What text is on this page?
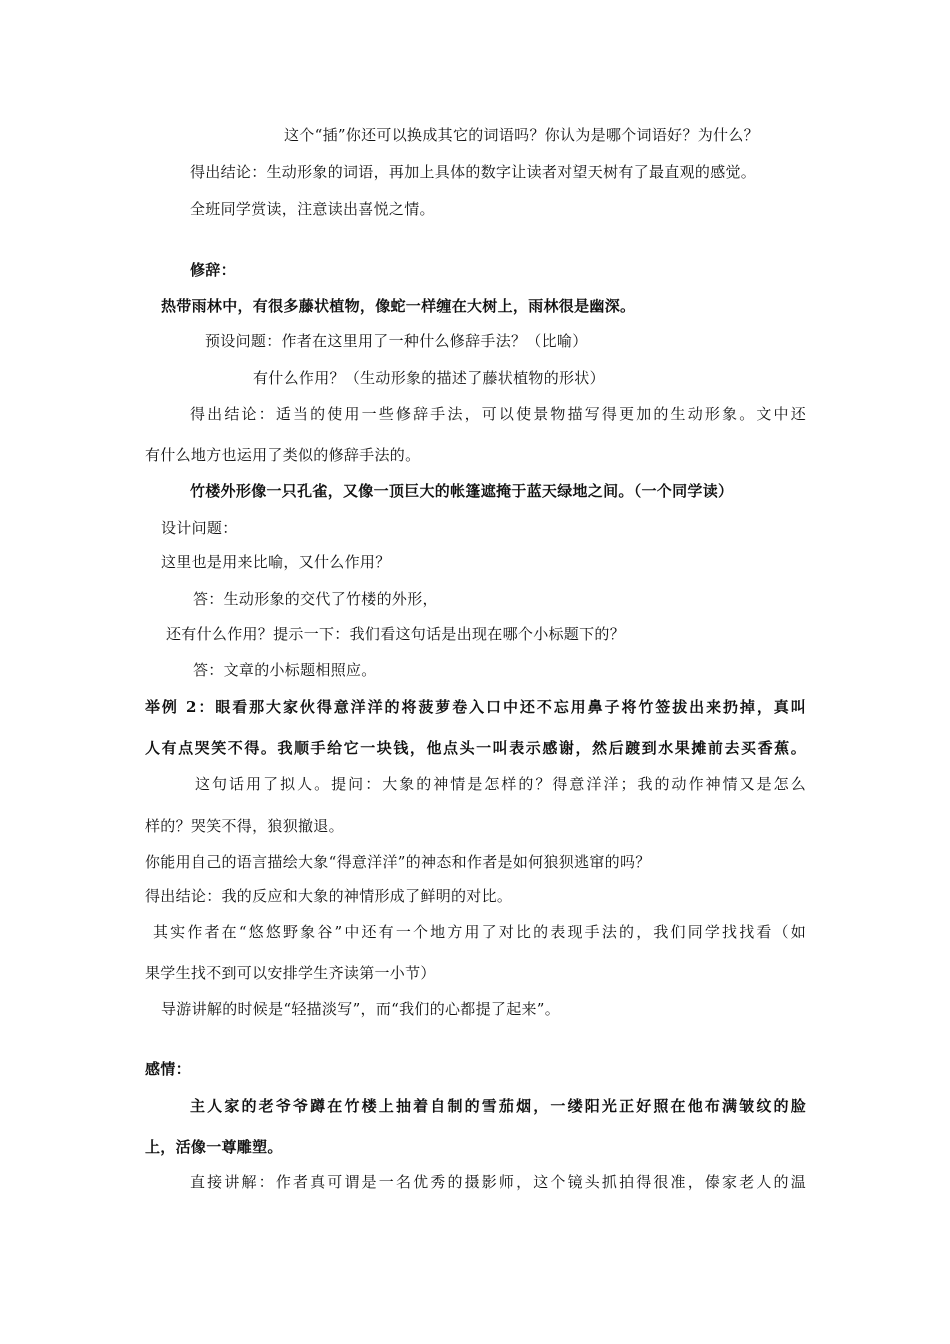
这个“插”你还可以换成其它的词语吗？你认为是哪个词语好？为什么？
得出结论：生动形象的词语，再加上具体的数字让读者对望天树有了最直观的感觉。
全班同学赏读，注意读出喜悦之情。
修辞：
热带雨林中，有很多藤状植物，像蛇一样缠在大树上，雨林很是幽深。
预设问题：作者在这里用了一种什么修辞手法？（比喻）
有什么作用？（生动形象的描述了藤状植物的形状）
得出结论：适当的使用一些修辞手法，可以使景物描写得更加的生动形象。文中还
有什么地方也运用了类似的修辞手法的。
竹楼外形像一只孔雀，又像一顶巨大的帐篷遮掩于蓝天绿地之间。（一个同学读）
设计问题：
这里也是用来比喻，又什么作用？
答：生动形象的交代了竹楼的外形，
还有什么作用？提示一下：我们看这句话是出现在哪个小标题下的？
答：文章的小标题相照应。
举例 2：眼看那大家伙得意洋洋的将菠萝卷入口中还不忘用鼻子将竹签拔出来扔掉，真叫
人有点哭笑不得。我顺手给它一块钱，他点头一叫表示感谢，然后踱到水果摊前去买香蕉。
这句话用了拟人。提问：大象的神情是怎样的？得意洋洋；我的动作神情又是怎么
样的？哭笑不得，狼狈撤退。
你能用自己的语言描绘大象“得意洋洋”的神态和作者是如何狼狈逃窜的吗？
得出结论：我的反应和大象的神情形成了鲜明的对比。
其实作者在“悠悠野象谷”中还有一个地方用了对比的表现手法的，我们同学找找看（如
果学生找不到可以安排学生齐读第一小节）
导游讲解的时候是“轻描淡写”，而“我们的心都提了起来”。
感情：
主人家的老爷爷蹲在竹楼上抽着自制的雪茄烟，一缕阳光正好照在他布满皱纹的脸
上，活像一尊雕塑。
直接讲解：作者真可谓是一名优秀的摄影师，这个镜头抓拍得很准，傣家老人的温
